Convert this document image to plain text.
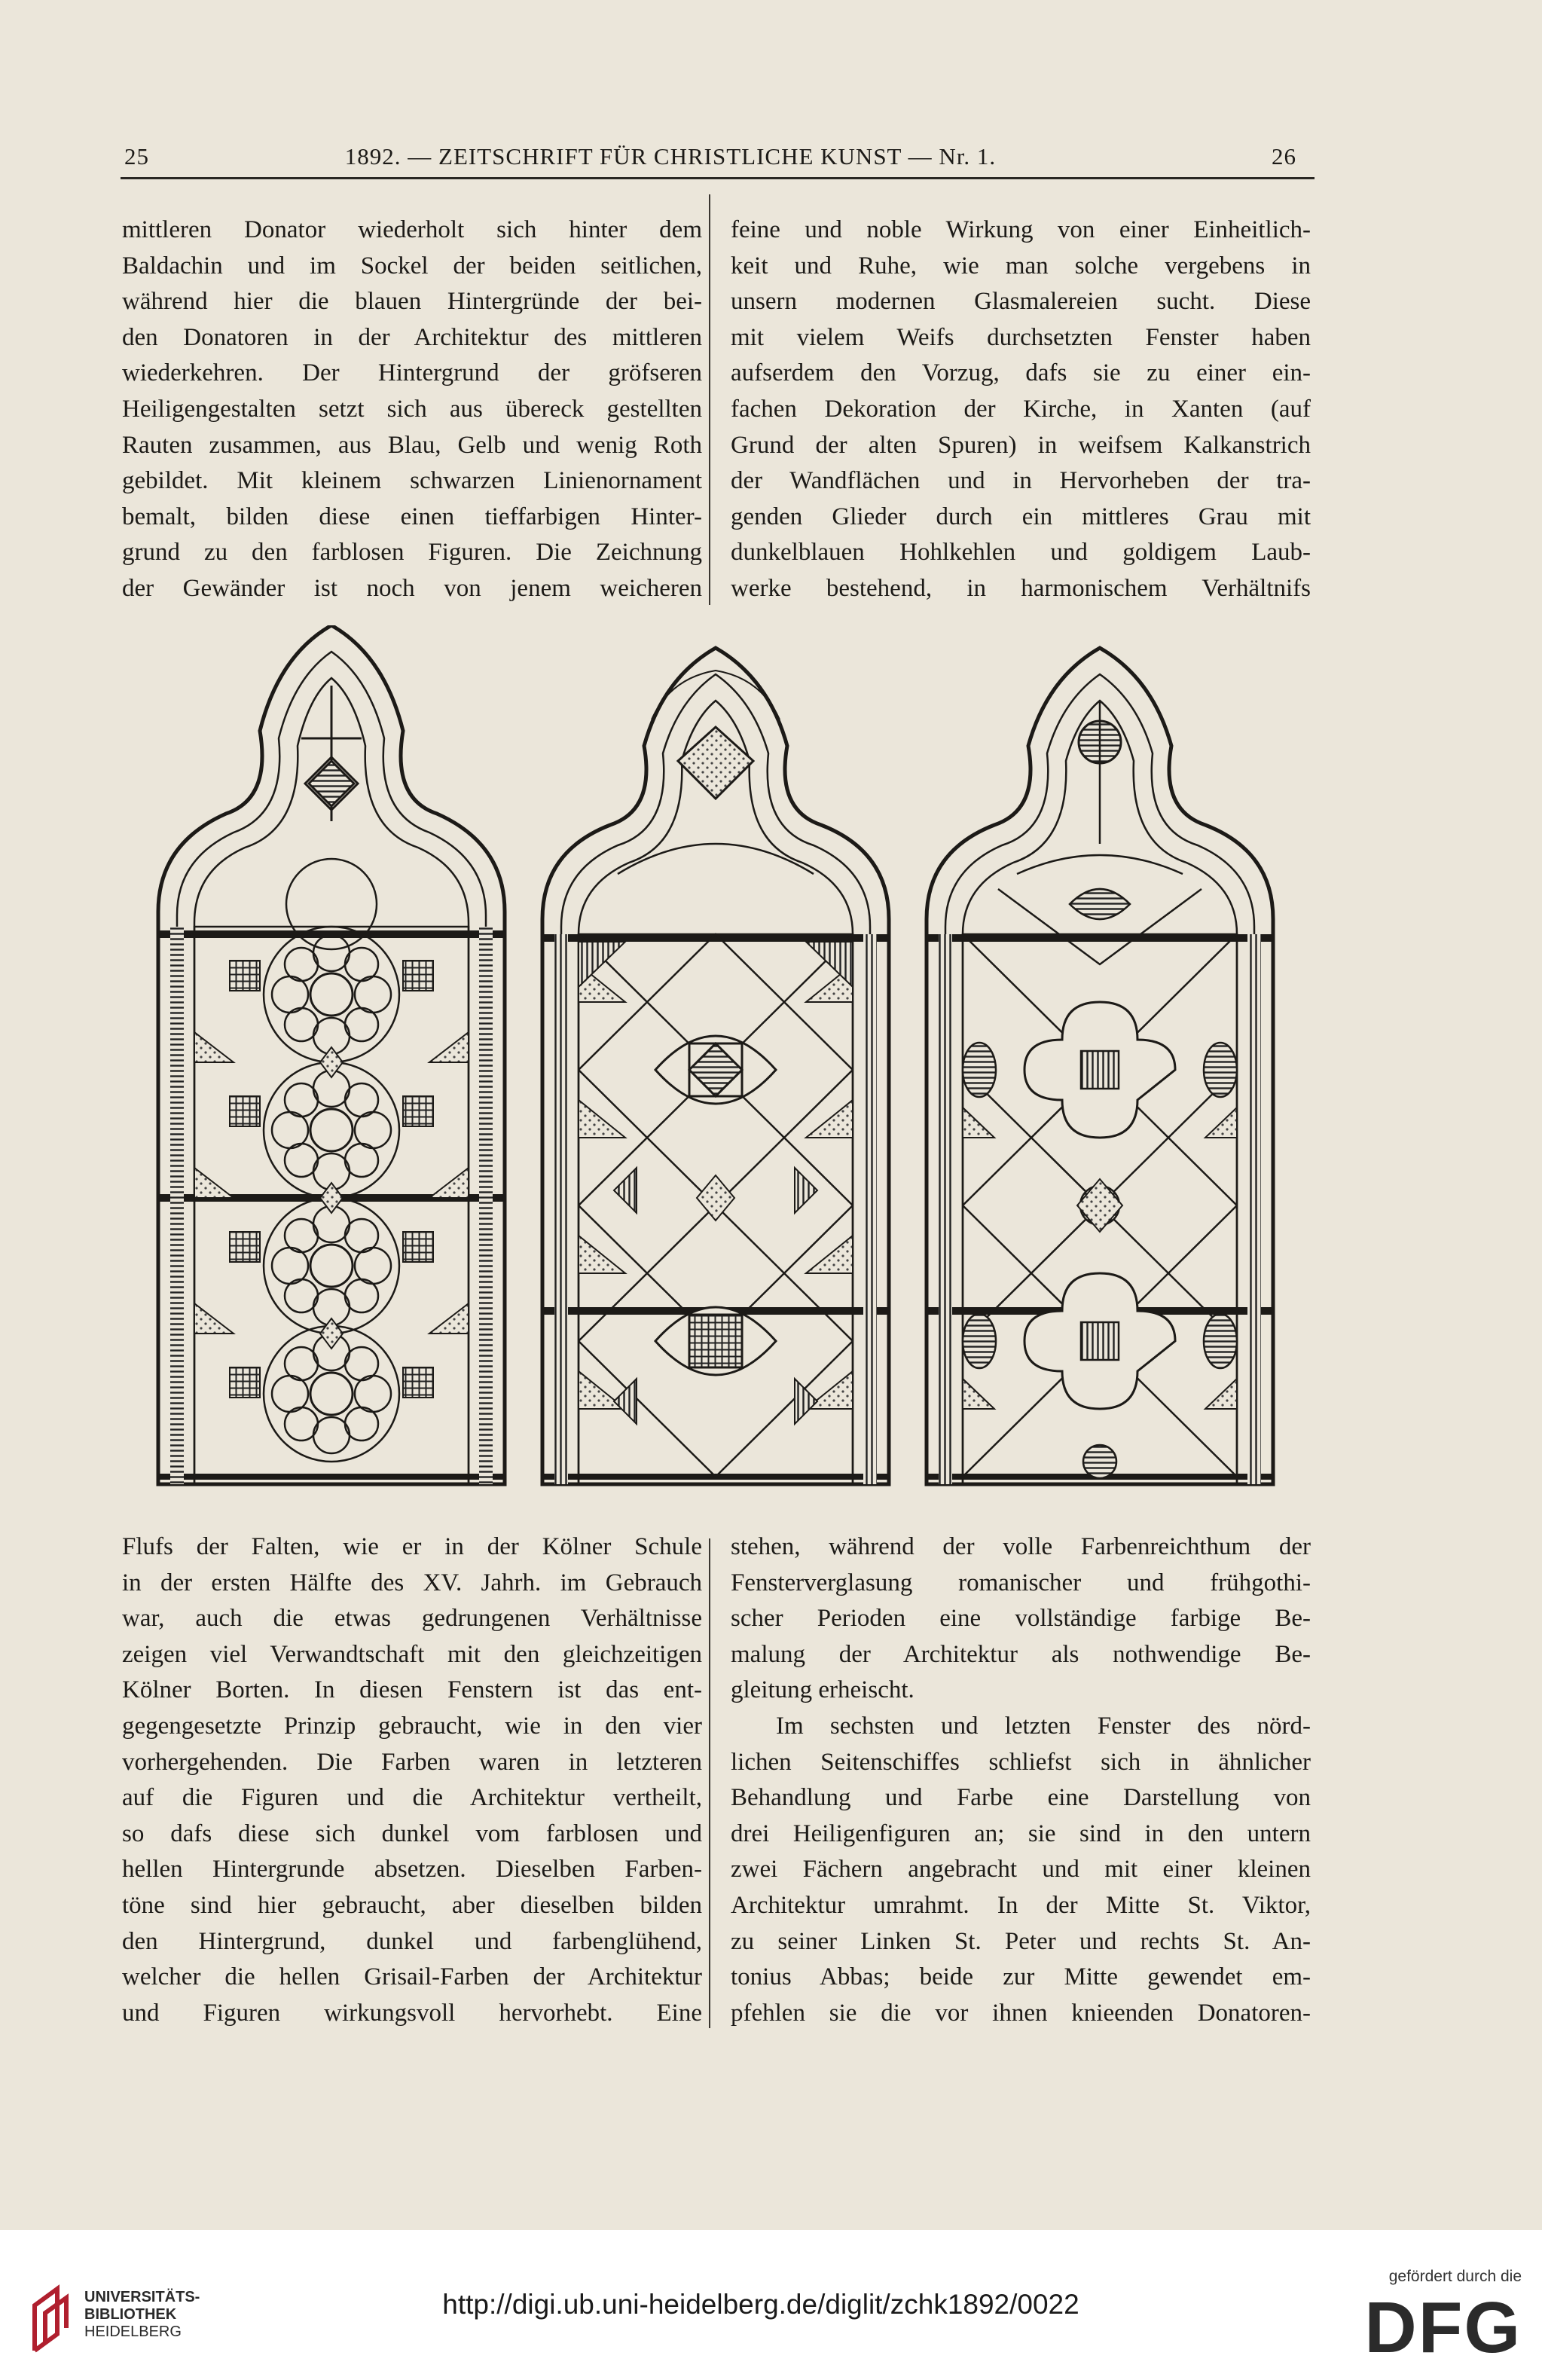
25	1892. — ZEITSCHRIFT FÜR CHRISTLICHE KUNST — Nr. 1.	26

mittleren Donator wiederholt sich hinter dem

Baldachin und im Sockel der beiden seitlichen,

während hier die blauen Hintergründe der bei-

den Donatoren in der Architektur des mittleren

wiederkehren. Der Hintergrund der gröfseren

Heiligengestalten setzt sich aus übereck gestellten

Rauten zusammen, aus Blau, Gelb und wenig Roth

gebildet. Mit kleinem schwarzen Linienornament

bemalt, bilden diese einen tieffarbigen Hinter-

grund zu den farblosen Figuren. Die Zeichnung

der Gewänder ist noch von jenem weicheren

feine und noble Wirkung von einer Einheitlich-

keit und Ruhe, wie man solche vergebens in

unsern modernen Glasmalereien sucht. Diese

mit vielem Weifs durchsetzten Fenster haben

aufserdem den Vorzug, dafs sie zu einer ein-

fachen Dekoration der Kirche, in Xanten (auf

Grund der alten Spuren) in weifsem Kalkanstrich

der Wandflächen und in Hervorheben der tra-

genden Glieder durch ein mittleres Grau mit

dunkelblauen Hohlkehlen und goldigem Laub-

werke bestehend, in harmonischem Verhältnifs

Flufs der Falten, wie er in der Kölner Schule

in der ersten Hälfte des XV. Jahrh. im Gebrauch

war, auch die etwas gedrungenen Verhältnisse

zeigen viel Verwandtschaft mit den gleichzeitigen

Kölner Borten. In diesen Fenstern ist das ent-

gegengesetzte Prinzip gebraucht, wie in den vier

vorhergehenden. Die Farben waren in letzteren

auf die Figuren und die Architektur vertheilt,

so dafs diese sich dunkel vom farblosen und

hellen Hintergrunde absetzen. Dieselben Farben-

töne sind hier gebraucht, aber dieselben bilden

den Hintergrund, dunkel und farbenglühend,

welcher die hellen Grisail-Farben der Architektur

und Figuren wirkungsvoll hervorhebt. Eine

stehen, während der volle Farbenreichthum der

Fensterverglasung romanischer und frühgothi-

scher Perioden eine vollständige farbige Be-

malung der Architektur als nothwendige Be-

gleitung erheischt.

Im sechsten und letzten Fenster des nörd-

lichen Seitenschiffes schliefst sich in ähnlicher

Behandlung und Farbe eine Darstellung von

drei Heiligenfiguren an; sie sind in den untern

zwei Fächern angebracht und mit einer kleinen

Architektur umrahmt. In der Mitte St. Viktor,

zu seiner Linken St. Peter und rechts St. An-

tonius Abbas; beide zur Mitte gewendet em-

pfehlen sie die vor ihnen knieenden Donatoren-

UNIVERSITÄTS-
BIBLIOTHEK
HEIDELBERG
http://digi.ub.uni-heidelberg.de/diglit/zchk1892/0022
gefördert durch die
DFG
